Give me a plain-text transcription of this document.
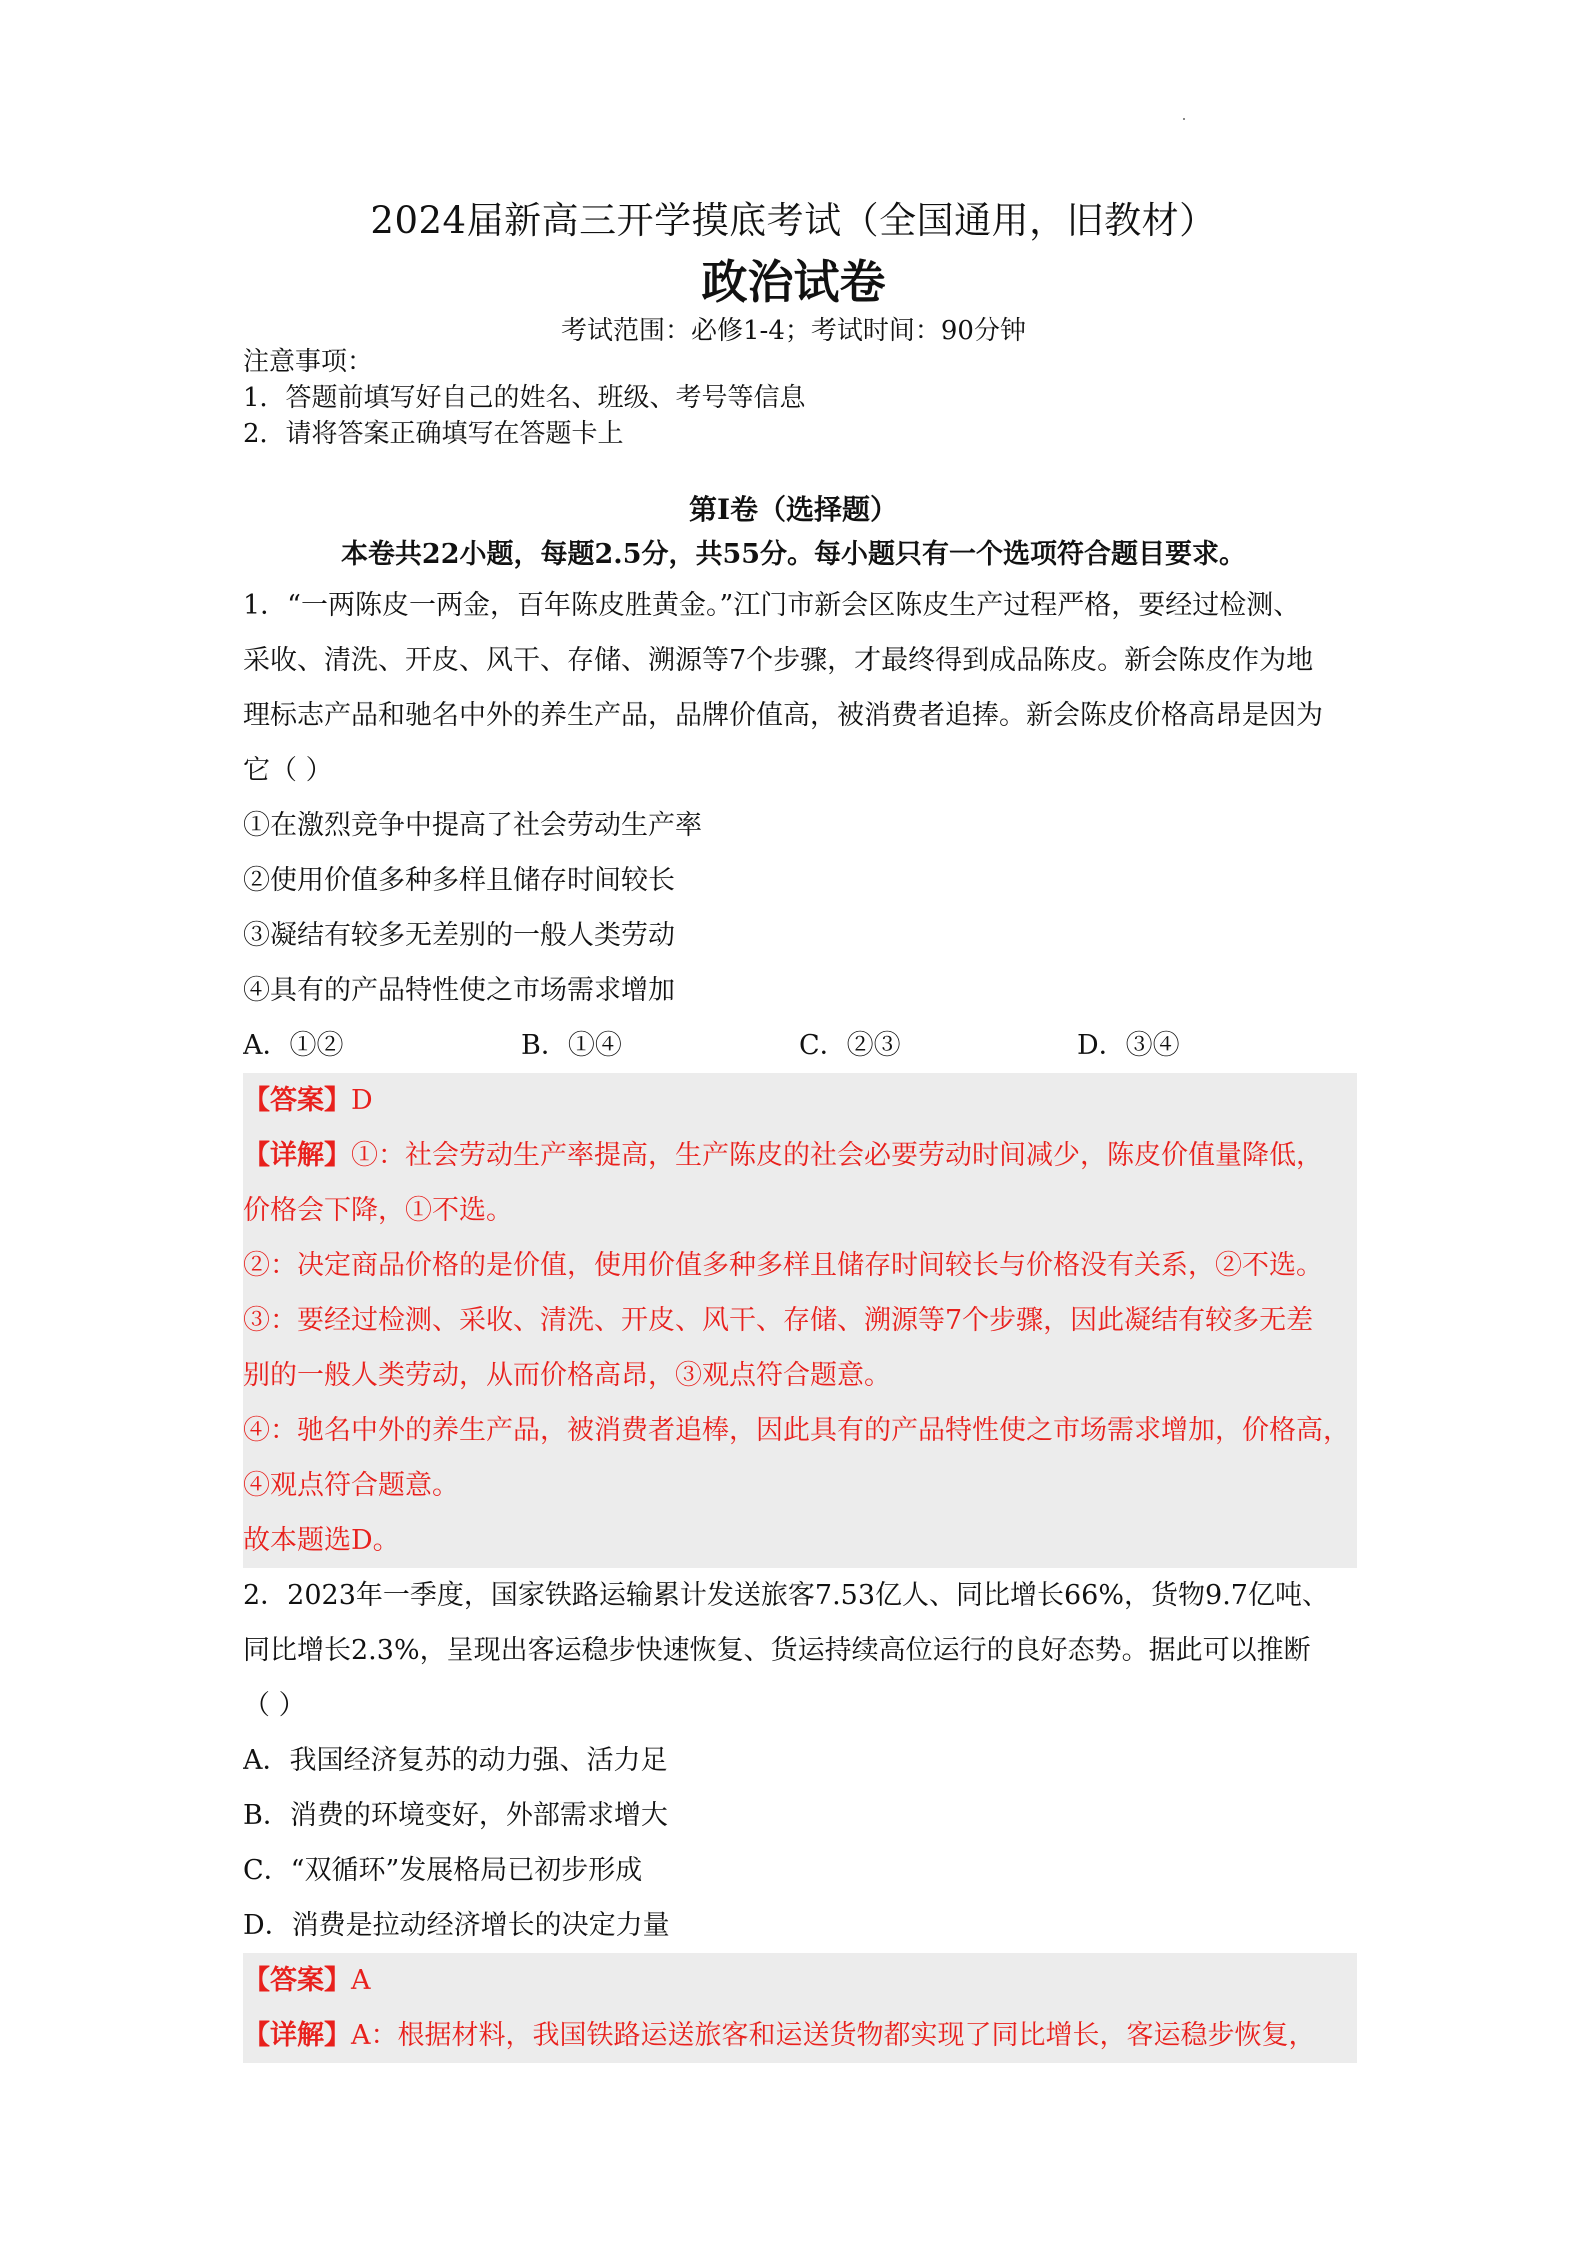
2024届新高三开学摸底考试（全国通用，旧教材）
政治试卷
考试范围：必修1-4；考试时间：90分钟
注意事项：
1．答题前填写好自己的姓名、班级、考号等信息
2．请将答案正确填写在答题卡上
第I卷（选择题）
本卷共22小题，每题2.5分，共55分。每小题只有一个选项符合题目要求。
1．“一两陈皮一两金，百年陈皮胜黄金。”江门市新会区陈皮生产过程严格，要经过检测、
采收、清洗、开皮、风干、存储、溯源等7个步骤，才最终得到成品陈皮。新会陈皮作为地
理标志产品和驰名中外的养生产品，品牌价值高，被消费者追捧。新会陈皮价格高昂是因为
它（ ）
①在激烈竞争中提高了社会劳动生产率
②使用价值多种多样且储存时间较长
③凝结有较多无差别的一般人类劳动
④具有的产品特性使之市场需求增加
A．①②	B．①④	C．②③	D．③④
【答案】D
【详解】①：社会劳动生产率提高，生产陈皮的社会必要劳动时间减少，陈皮价值量降低，
价格会下降，①不选。
②：决定商品价格的是价值，使用价值多种多样且储存时间较长与价格没有关系，②不选。
③：要经过检测、采收、清洗、开皮、风干、存储、溯源等7个步骤，因此凝结有较多无差
别的一般人类劳动，从而价格高昂，③观点符合题意。
④：驰名中外的养生产品，被消费者追棒，因此具有的产品特性使之市场需求增加，价格高，
④观点符合题意。
故本题选D。
2．2023年一季度，国家铁路运输累计发送旅客7.53亿人、同比增长66%，货物9.7亿吨、
同比增长2.3%，呈现出客运稳步快速恢复、货运持续高位运行的良好态势。据此可以推断
（ ）
A．我国经济复苏的动力强、活力足
B．消费的环境变好，外部需求增大
C．“双循环”发展格局已初步形成
D．消费是拉动经济增长的决定力量
【答案】A
【详解】A：根据材料，我国铁路运送旅客和运送货物都实现了同比增长，客运稳步恢复，
